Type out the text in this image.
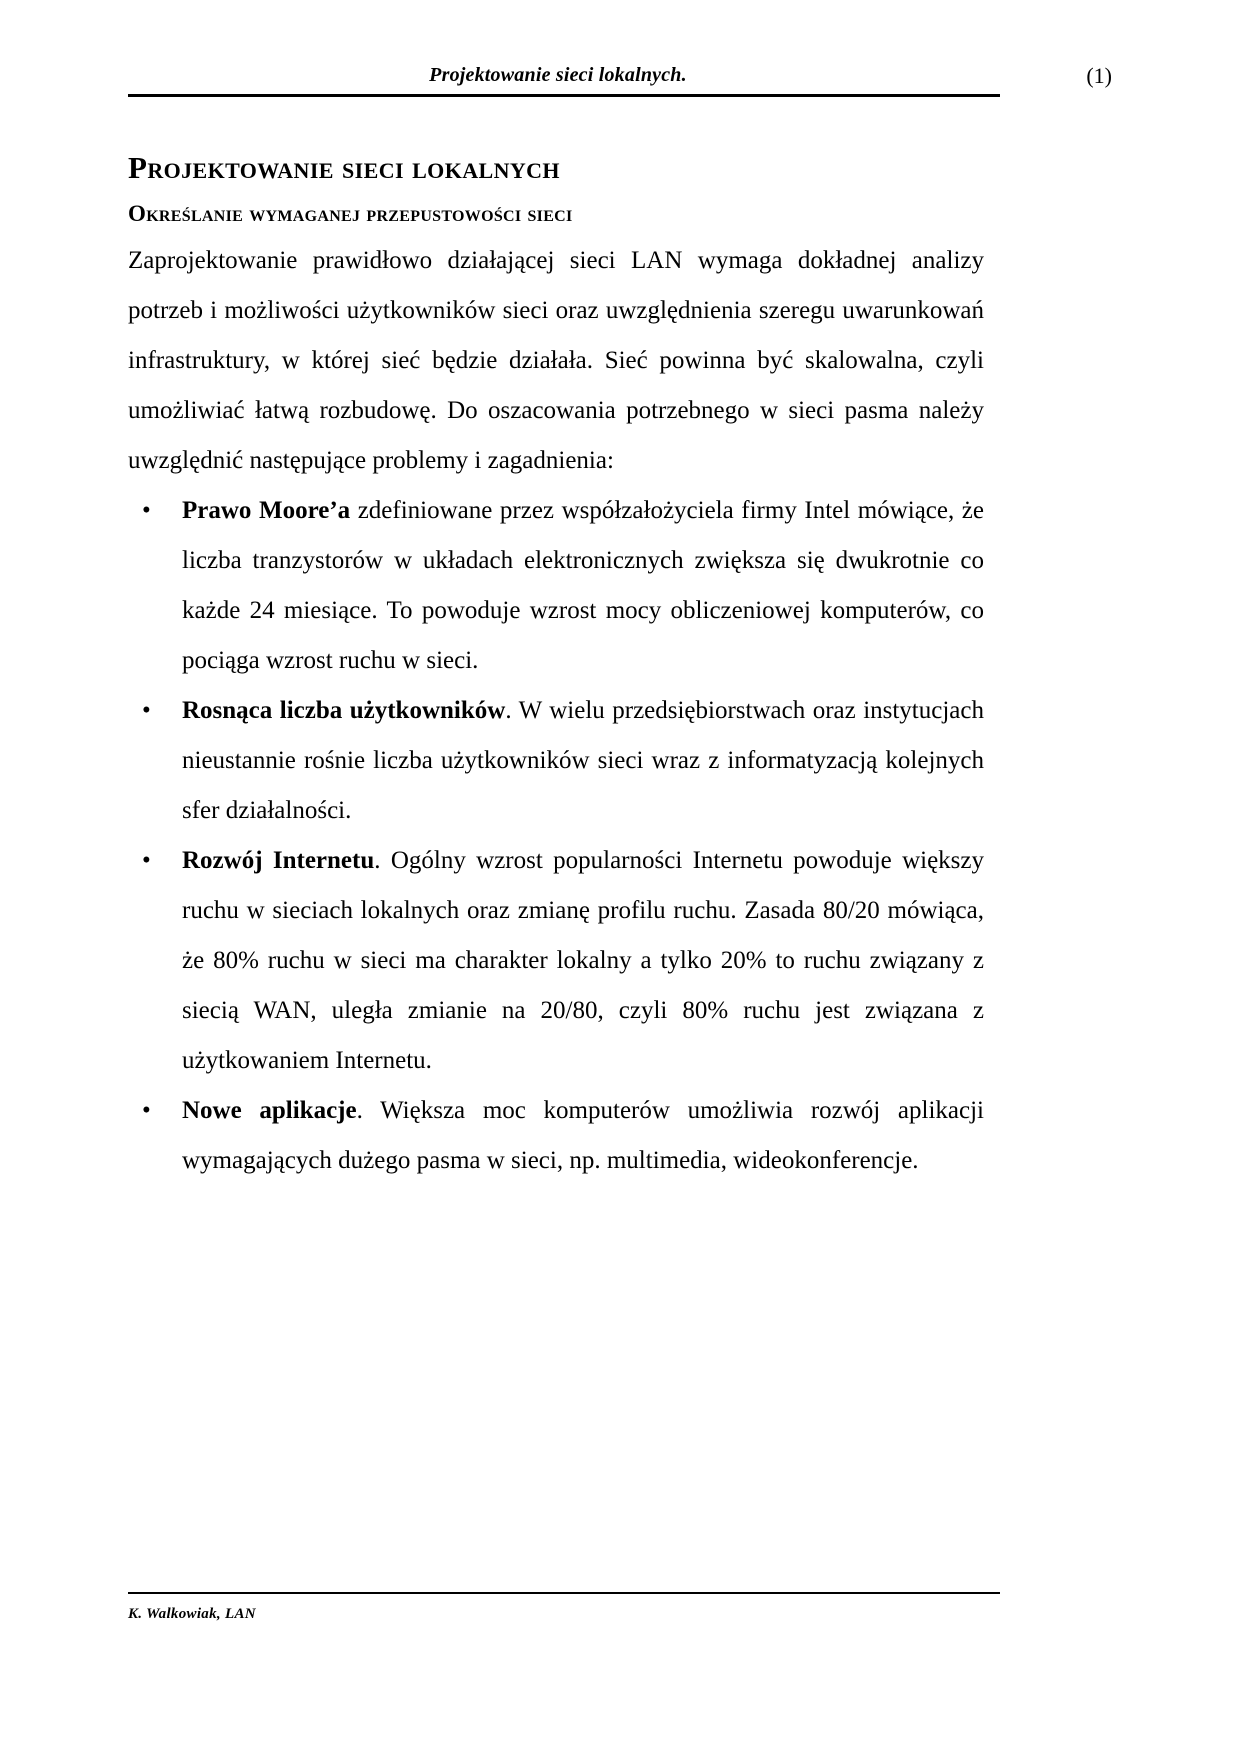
Projektowanie sieci lokalnych.	(1)
Projektowanie sieci lokalnych
Określanie wymaganej przepustowości sieci

Zaprojektowanie prawidłowo działającej sieci LAN wymaga dokładnej analizy potrzeb i możliwości użytkowników sieci oraz uwzględnienia szeregu uwarunkowań infrastruktury, w której sieć będzie działała. Sieć powinna być skalowalna, czyli umożliwiać łatwą rozbudowę. Do oszacowania potrzebnego w sieci pasma należy uwzględnić następujące problemy i zagadnienia:

• Prawo Moore’a zdefiniowane przez współzałożyciela firmy Intel mówiące, że liczba tranzystorów w układach elektronicznych zwiększa się dwukrotnie co każde 24 miesiące. To powoduje wzrost mocy obliczeniowej komputerów, co pociąga wzrost ruchu w sieci.
• Rosnąca liczba użytkowników. W wielu przedsiębiorstwach oraz instytucjach nieustannie rośnie liczba użytkowników sieci wraz z informatyzacją kolejnych sfer działalności.
• Rozwój Internetu. Ogólny wzrost popularności Internetu powoduje większy ruchu w sieciach lokalnych oraz zmianę profilu ruchu. Zasada 80/20 mówiąca, że 80% ruchu w sieci ma charakter lokalny a tylko 20% to ruchu związany z siecią WAN, uległa zmianie na 20/80, czyli 80% ruchu jest związana z użytkowaniem Internetu.
• Nowe aplikacje. Większa moc komputerów umożliwia rozwój aplikacji wymagających dużego pasma w sieci, np. multimedia, wideokonferencje.
K. Walkowiak, LAN
